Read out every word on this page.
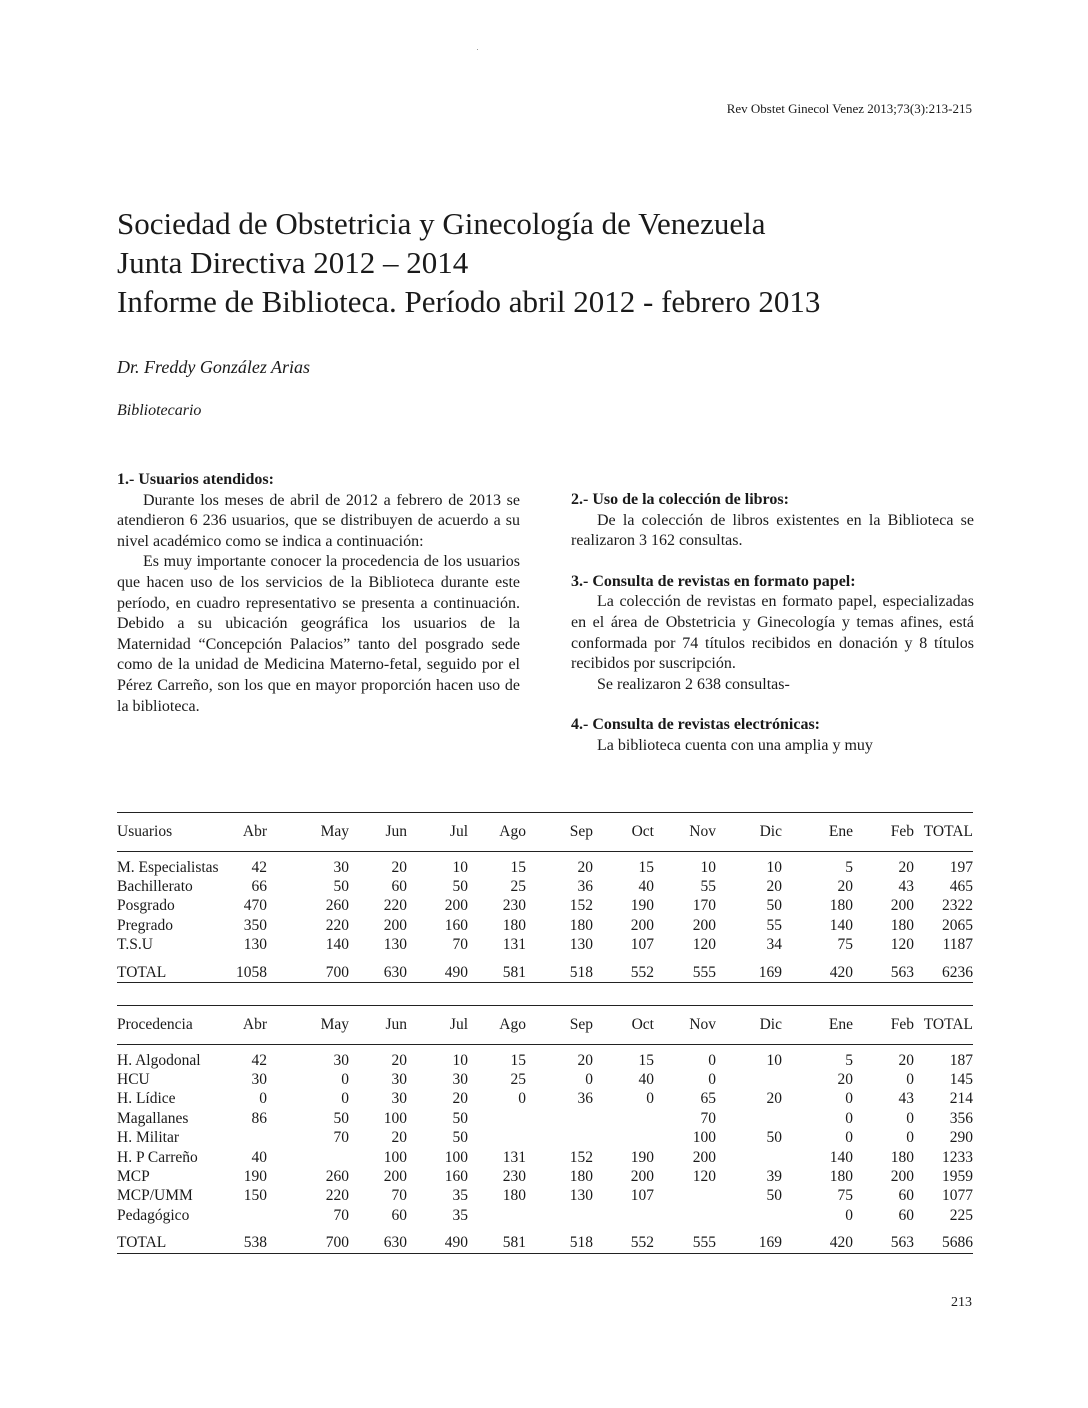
Rev Obstet Ginecol Venez 2013;73(3):213-215
Sociedad de Obstetricia y Ginecología de Venezuela
Junta Directiva 2012 – 2014
Informe de Biblioteca. Período abril 2012 - febrero 2013
Dr. Freddy González Arias
Bibliotecario

1.- Usuarios atendidos:

Durante los meses de abril de 2012 a febrero de 2013 se atendieron 6 236 usuarios, que se distribuyen de acuerdo a su nivel académico como se indica a continuación:

Es muy importante conocer la procedencia de los usuarios que hacen uso de los servicios de la Biblioteca durante este período, en cuadro representativo se presenta a continuación. Debido a su ubicación geográfica los usuarios de la Maternidad “Concepción Palacios” tanto del posgrado sede como de la unidad de Medicina Materno-fetal, seguido por el Pérez Carreño, son los que en mayor proporción hacen uso de la biblioteca.

2.- Uso de la colección de libros:

De la colección de libros existentes en la Biblioteca se realizaron 3 162 consultas.

3.- Consulta de revistas en formato papel:

La colección de revistas en formato papel, especializadas en el área de Obstetricia y Ginecología y temas afines, está conformada por 74 títulos recibidos en donación y 8 títulos recibidos por suscripción.

Se realizaron 2 638 consultas-

4.- Consulta de revistas electrónicas:

La biblioteca cuenta con una amplia y muy

Usuarios	Abr	May	Jun	Jul	Ago	Sep	Oct	Nov	Dic	Ene	Feb	TOTAL
M. Especialistas	42	30	20	10	15	20	15	10	10	5	20	197
Bachillerato	66	50	60	50	25	36	40	55	20	20	43	465
Posgrado	470	260	220	200	230	152	190	170	50	180	200	2322
Pregrado	350	220	200	160	180	180	200	200	55	140	180	2065
T.S.U	130	140	130	70	131	130	107	120	34	75	120	1187
TOTAL	1058	700	630	490	581	518	552	555	169	420	563	6236
Procedencia	Abr	May	Jun	Jul	Ago	Sep	Oct	Nov	Dic	Ene	Feb	TOTAL
H. Algodonal	42	30	20	10	15	20	15	0	10	5	20	187
HCU	30	0	30	30	25	0	40	0		20	0	145
H. Lídice	0	0	30	20	0	36	0	65	20	0	43	214
Magallanes	86	50	100	50				70		0	0	356
H. Militar		70	20	50				100	50	0	0	290
H. P Carreño	40		100	100	131	152	190	200		140	180	1233
MCP	190	260	200	160	230	180	200	120	39	180	200	1959
MCP/UMM	150	220	70	35	180	130	107		50	75	60	1077
Pedagógico		70	60	35						0	60	225
TOTAL	538	700	630	490	581	518	552	555	169	420	563	5686
213
